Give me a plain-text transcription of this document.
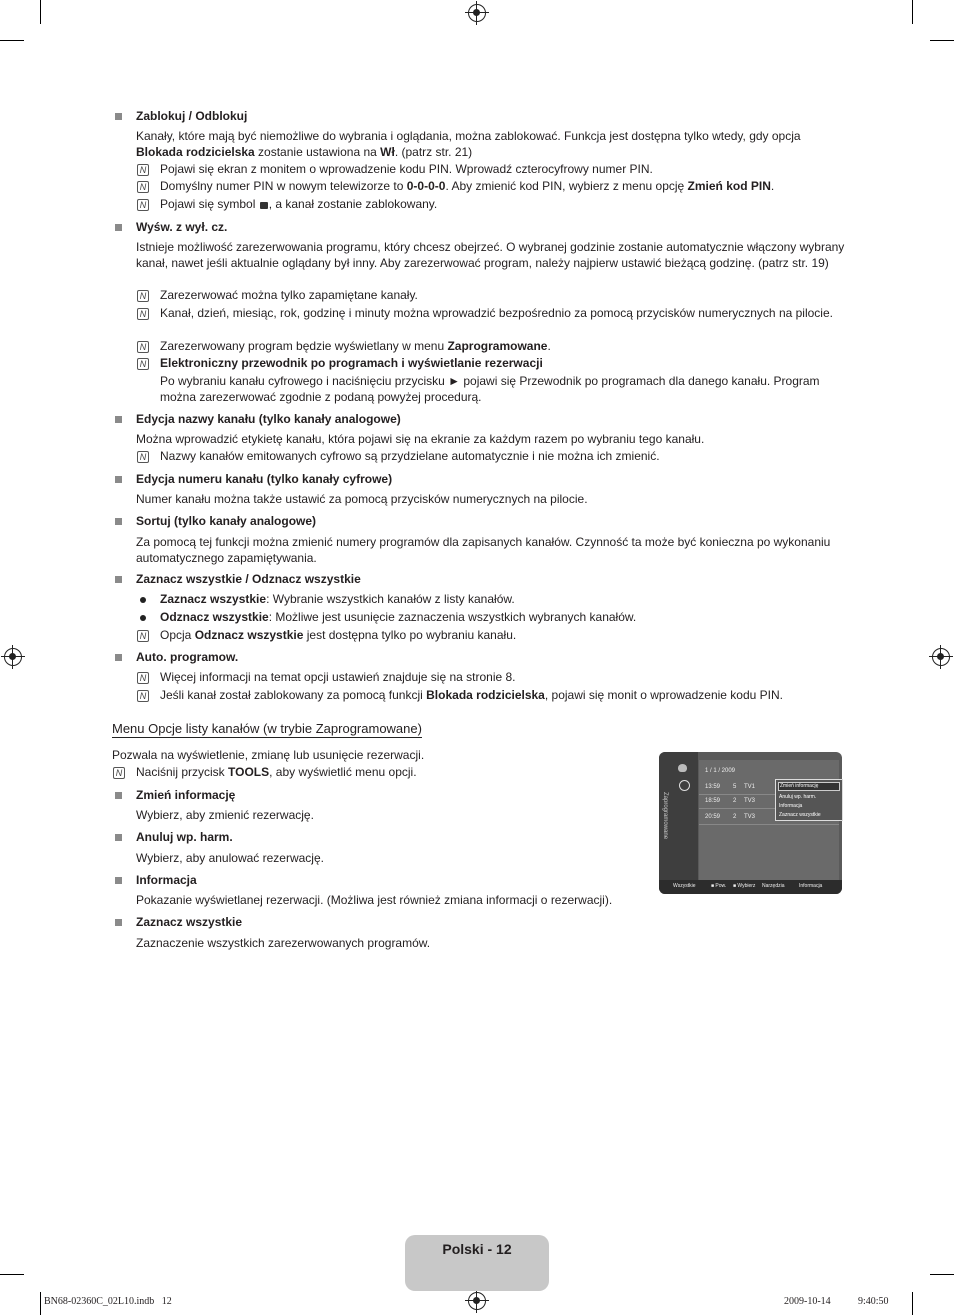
Zablokuj / Odblokuj
Kanały, które mają być niemożliwe do wybrania i oglądania, można zablokować. Funkcja jest dostępna tylko wtedy, gdy opcja
Blokada rodzicielska zostanie ustawiona na Wł. (patrz str. 21)
N Pojawi się ekran z monitem o wprowadzenie kodu PIN. Wprowadź czterocyfrowy numer PIN.
N Domyślny numer PIN w nowym telewizorze to 0-0-0-0. Aby zmienić kod PIN, wybierz z menu opcję Zmień kod PIN.
N Pojawi się symbol , a kanał zostanie zablokowany.
Wyśw. z wył. cz.
Istnieje możliwość zarezerwowania programu, który chcesz obejrzeć. O wybranej godzinie zostanie automatycznie włączony wybrany kanał, nawet jeśli aktualnie oglądany był inny. Aby zarezerwować program, należy najpierw ustawić bieżącą godzinę. (patrz str. 19)
N Zarezerwować można tylko zapamiętane kanały.
N Kanał, dzień, miesiąc, rok, godzinę i minuty można wprowadzić bezpośrednio za pomocą przycisków numerycznych na pilocie.
N Zarezerwowany program będzie wyświetlany w menu Zaprogramowane.
N Elektroniczny przewodnik po programach i wyświetlanie rezerwacji
Po wybraniu kanału cyfrowego i naciśnięciu przycisku ► pojawi się Przewodnik po programach dla danego kanału. Program można zarezerwować zgodnie z podaną powyżej procedurą.
Edycja nazwy kanału (tylko kanały analogowe)
Można wprowadzić etykietę kanału, która pojawi się na ekranie za każdym razem po wybraniu tego kanału.
N Nazwy kanałów emitowanych cyfrowo są przydzielane automatycznie i nie można ich zmienić.
Edycja numeru kanału (tylko kanały cyfrowe)
Numer kanału można także ustawić za pomocą przycisków numerycznych na pilocie.
Sortuj (tylko kanały analogowe)
Za pomocą tej funkcji można zmienić numery programów dla zapisanych kanałów. Czynność ta może być konieczna po wykonaniu automatycznego zapamiętywania.
Zaznacz wszystkie / Odznacz wszystkie
Zaznacz wszystkie: Wybranie wszystkich kanałów z listy kanałów.
Odznacz wszystkie: Możliwe jest usunięcie zaznaczenia wszystkich wybranych kanałów.
N Opcja Odznacz wszystkie jest dostępna tylko po wybraniu kanału.
Auto. programow.
N Więcej informacji na temat opcji ustawień znajduje się na stronie 8.
N Jeśli kanał został zablokowany za pomocą funkcji Blokada rodzicielska, pojawi się monit o wprowadzenie kodu PIN.
Menu Opcje listy kanałów (w trybie Zaprogramowane)
Pozwala na wyświetlenie, zmianę lub usunięcie rezerwacji.
N Naciśnij przycisk TOOLS, aby wyświetlić menu opcji.
Zmień informację
Wybierz, aby zmienić rezerwację.
Anuluj wp. harm.
Wybierz, aby anulować rezerwację.
Informacja
Pokazanie wyświetlanej rezerwacji. (Możliwa jest również zmiana informacji o rezerwacji).
Zaznacz wszystkie
Zaznaczenie wszystkich zarezerwowanych programów.
Zaprogramowane
1 / 1 / 2009
13:59 5 TV1
18:59 2 TV3
20:59 2 TV3
Wszystkie	■ Pow. ■ Wybierz Narzędzia	Informacja
Zmień informację
Anuluj wp. harm.
Informacja
Zaznacz wszystkie
Polski - 12
BN68-02360C_02L10.indb   12	2009-10-14	9:40:50
